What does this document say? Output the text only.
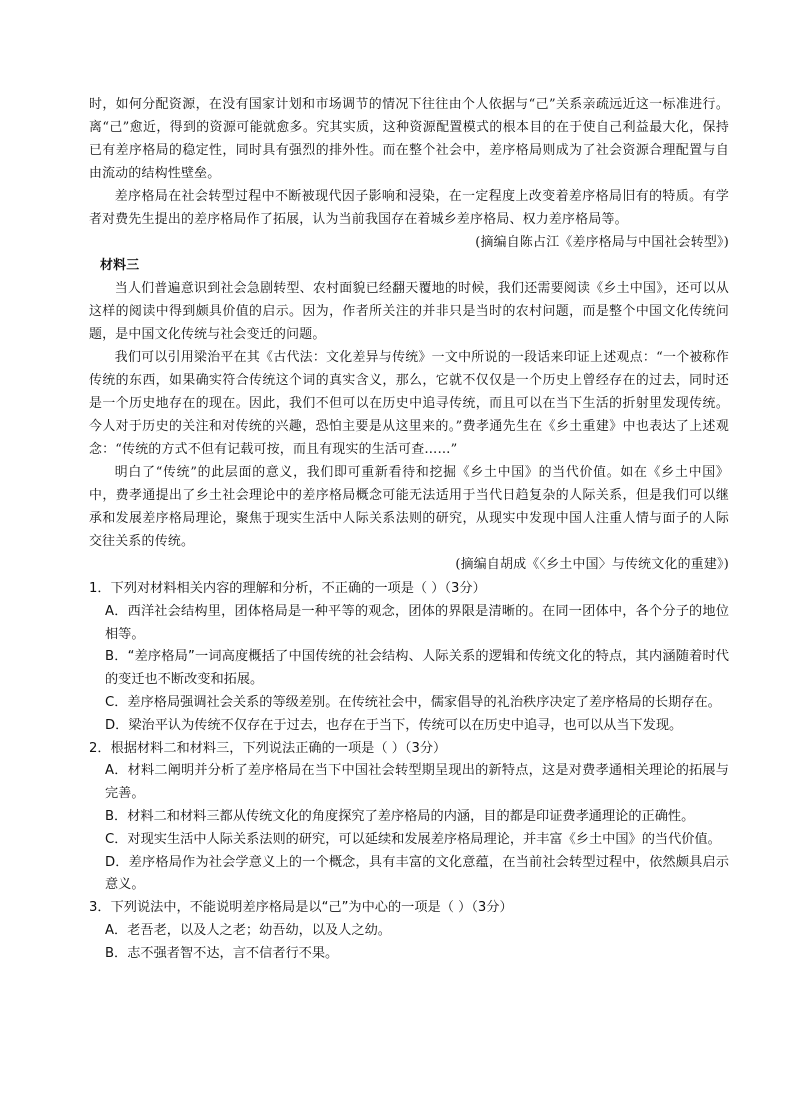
时，如何分配资源，在没有国家计划和市场调节的情况下往往由个人依据与“己”关系亲疏远近这一标准进行。离“己”愈近，得到的资源可能就愈多。究其实质，这种资源配置模式的根本目的在于使自己利益最大化，保持已有差序格局的稳定性，同时具有强烈的排外性。而在整个社会中，差序格局则成为了社会资源合理配置与自由流动的结构性壁垒。

差序格局在社会转型过程中不断被现代因子影响和浸染，在一定程度上改变着差序格局旧有的特质。有学者对费先生提出的差序格局作了拓展，认为当前我国存在着城乡差序格局、权力差序格局等。

(摘编自陈占江《差序格局与中国社会转型》)

材料三

当人们普遍意识到社会急剧转型、农村面貌已经翻天覆地的时候，我们还需要阅读《乡土中国》，还可以从这样的阅读中得到颇具价值的启示。因为，作者所关注的并非只是当时的农村问题，而是整个中国文化传统问题，是中国文化传统与社会变迁的问题。

我们可以引用梁治平在其《古代法：文化差异与传统》一文中所说的一段话来印证上述观点：“一个被称作传统的东西，如果确实符合传统这个词的真实含义，那么，它就不仅仅是一个历史上曾经存在的过去，同时还是一个历史地存在的现在。因此，我们不但可以在历史中追寻传统，而且可以在当下生活的折射里发现传统。今人对于历史的关注和对传统的兴趣，恐怕主要是从这里来的。”费孝通先生在《乡土重建》中也表达了上述观念：“传统的方式不但有记载可按，而且有现实的生活可查……”

明白了“传统”的此层面的意义，我们即可重新看待和挖掘《乡土中国》的当代价值。如在《乡土中国》中，费孝通提出了乡土社会理论中的差序格局概念可能无法适用于当代日趋复杂的人际关系，但是我们可以继承和发展差序格局理论，聚焦于现实生活中人际关系法则的研究，从现实中发现中国人注重人情与面子的人际交往关系的传统。

(摘编自胡成《〈乡土中国〉与传统文化的重建》)

1．下列对材料相关内容的理解和分析，不正确的一项是（ ）（3分）

A．西洋社会结构里，团体格局是一种平等的观念，团体的界限是清晰的。在同一团体中，各个分子的地位相等。

B．“差序格局”一词高度概括了中国传统的社会结构、人际关系的逻辑和传统文化的特点，其内涵随着时代的变迁也不断改变和拓展。

C．差序格局强调社会关系的等级差别。在传统社会中，儒家倡导的礼治秩序决定了差序格局的长期存在。

D．梁治平认为传统不仅存在于过去，也存在于当下，传统可以在历史中追寻，也可以从当下发现。

2．根据材料二和材料三，下列说法正确的一项是（ ）（3分）

A．材料二阐明并分析了差序格局在当下中国社会转型期呈现出的新特点，这是对费孝通相关理论的拓展与完善。

B．材料二和材料三都从传统文化的角度探究了差序格局的内涵，目的都是印证费孝通理论的正确性。

C．对现实生活中人际关系法则的研究，可以延续和发展差序格局理论，并丰富《乡土中国》的当代价值。

D．差序格局作为社会学意义上的一个概念，具有丰富的文化意蕴，在当前社会转型过程中，依然颇具启示意义。

3．下列说法中，不能说明差序格局是以“己”为中心的一项是（ ）（3分）

A．老吾老，以及人之老；幼吾幼，以及人之幼。

B．志不强者智不达，言不信者行不果。
